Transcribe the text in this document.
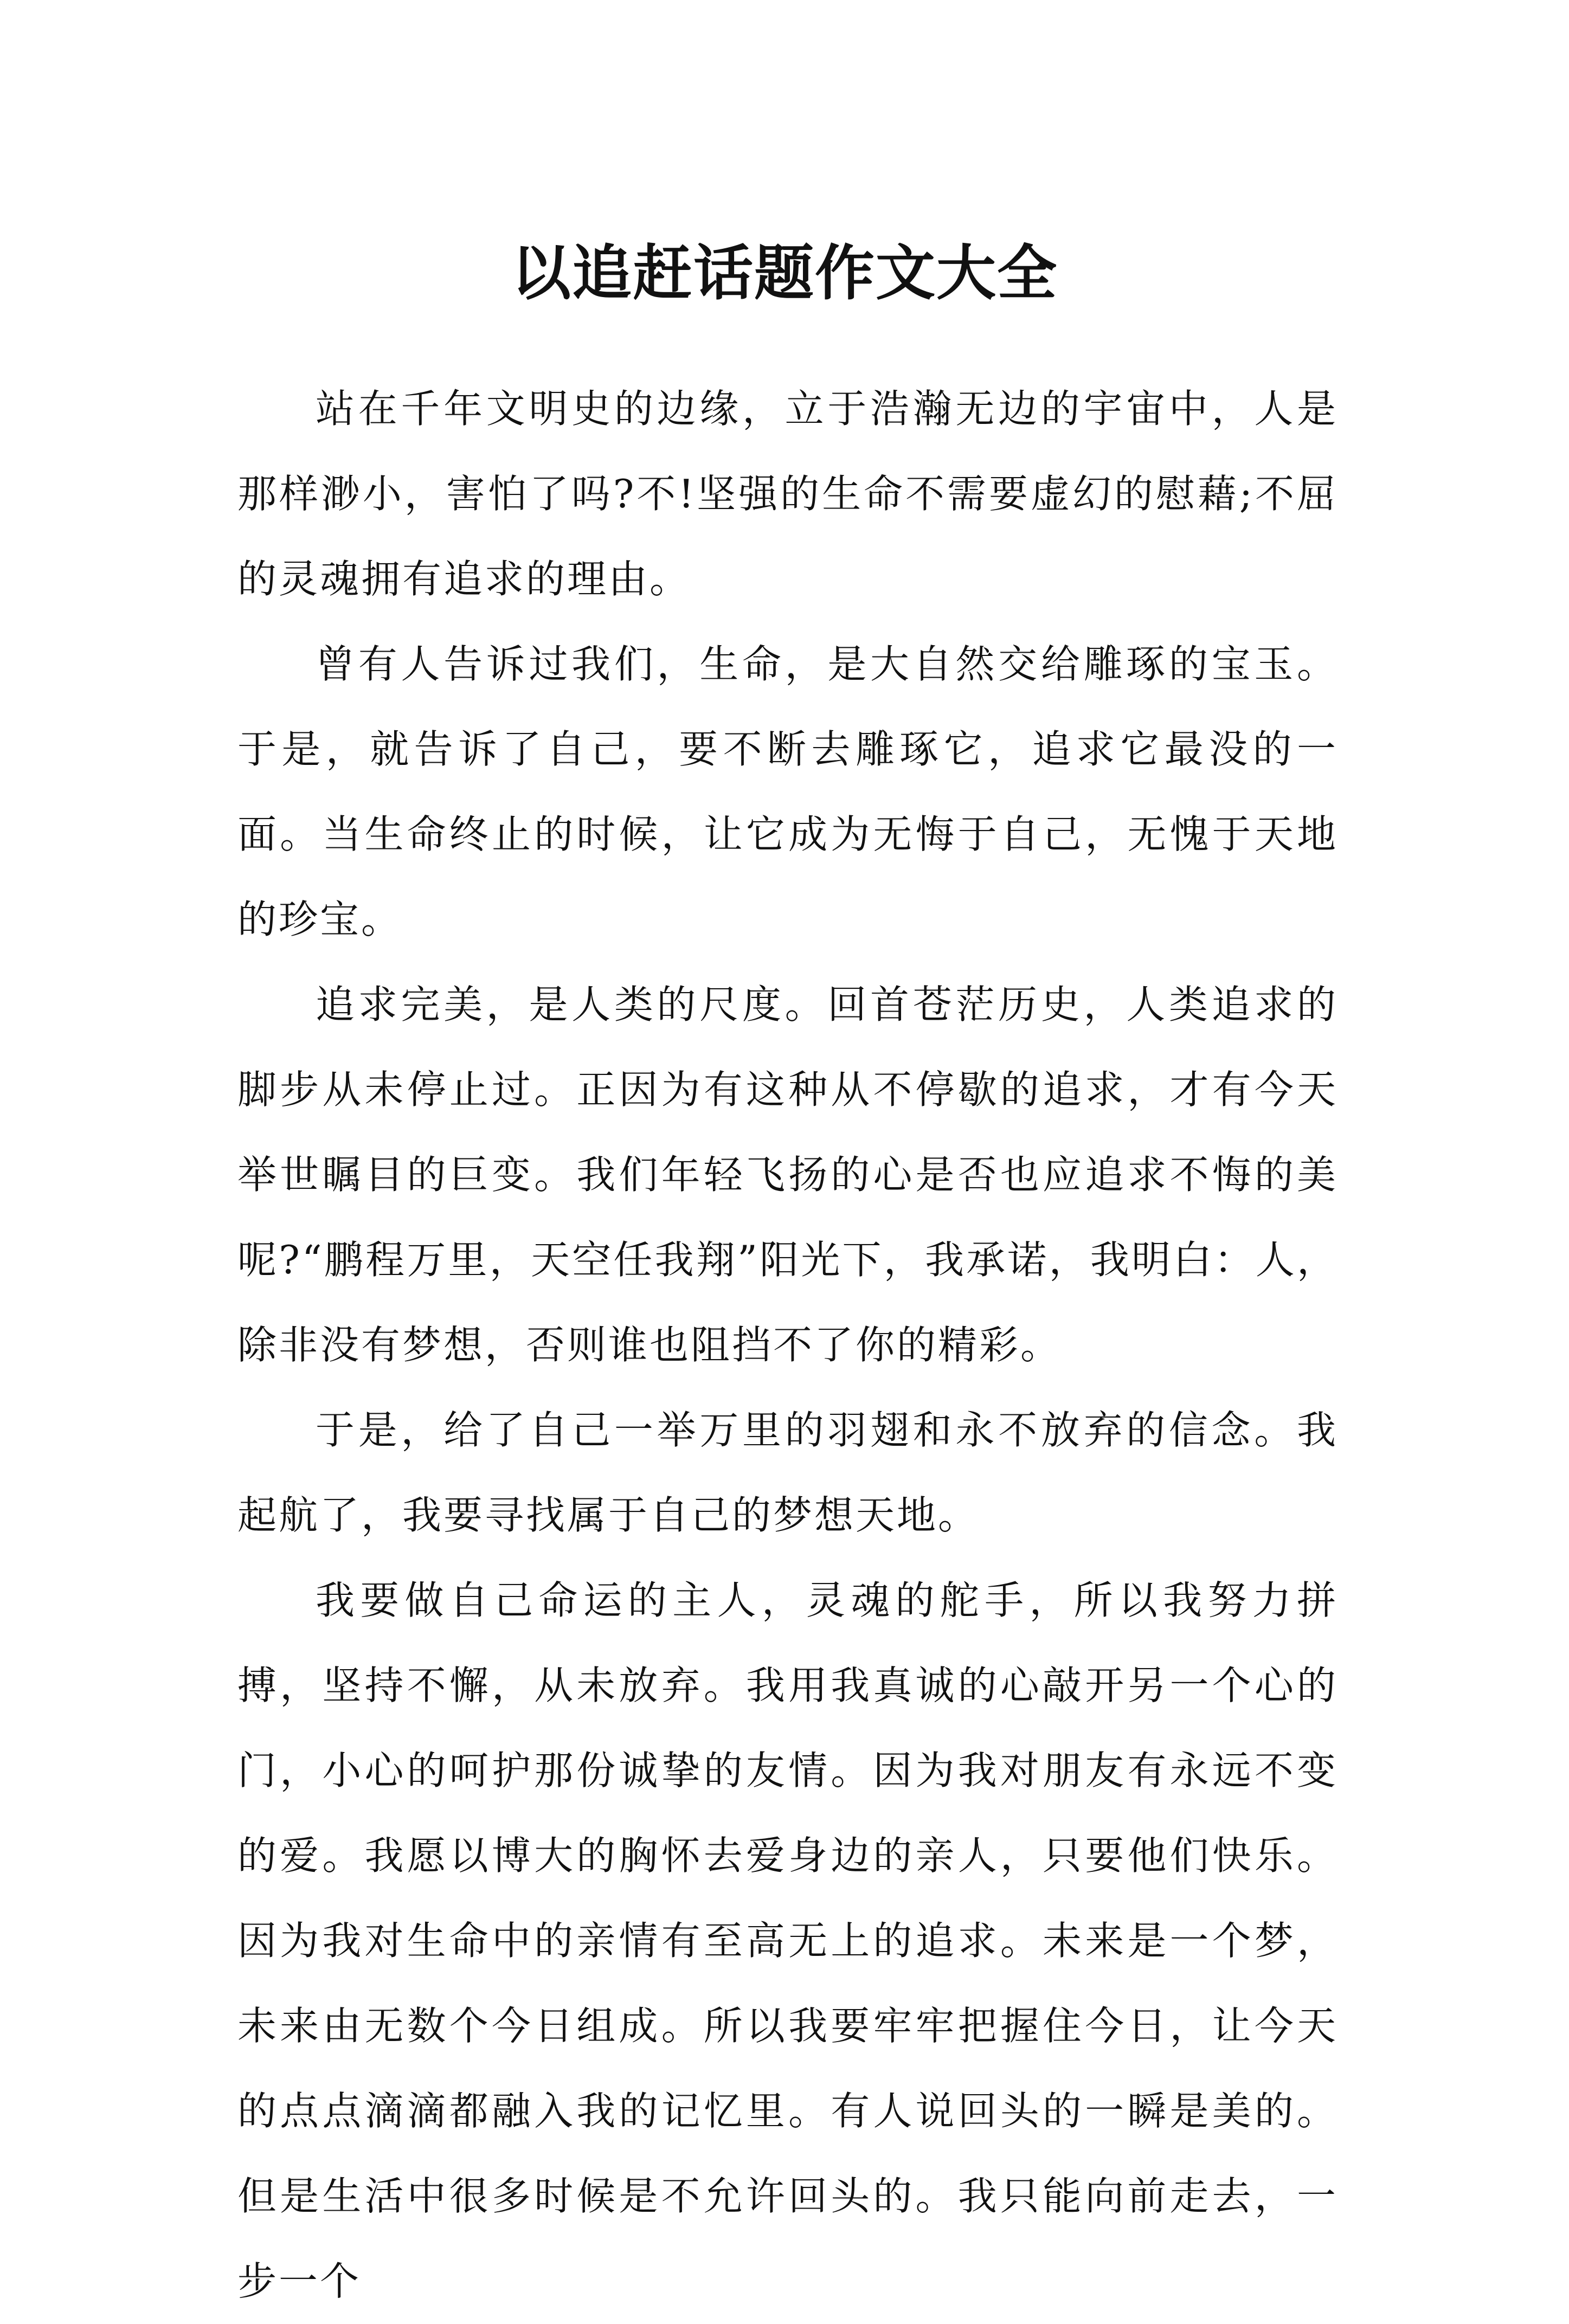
以追赶话题作文大全

站在千年文明史的边缘，立于浩瀚无边的宇宙中，人是那样渺小，害怕了吗?不!坚强的生命不需要虚幻的慰藉;不屈的灵魂拥有追求的理由。

曾有人告诉过我们，生命，是大自然交给雕琢的宝玉。于是，就告诉了自己，要不断去雕琢它，追求它最没的一面。当生命终止的时候，让它成为无悔于自己，无愧于天地的珍宝。

追求完美，是人类的尺度。回首苍茫历史，人类追求的脚步从未停止过。正因为有这种从不停歇的追求，才有今天举世瞩目的巨变。我们年轻飞扬的心是否也应追求不悔的美呢?“鹏程万里，天空任我翔”阳光下，我承诺，我明白：人，除非没有梦想，否则谁也阻挡不了你的精彩。

于是，给了自己一举万里的羽翅和永不放弃的信念。我起航了，我要寻找属于自己的梦想天地。

我要做自己命运的主人，灵魂的舵手，所以我努力拼搏，坚持不懈，从未放弃。我用我真诚的心敲开另一个心的门，小心的呵护那份诚挚的友情。因为我对朋友有永远不变的爱。我愿以博大的胸怀去爱身边的亲人，只要他们快乐。因为我对生命中的亲情有至高无上的追求。未来是一个梦，未来由无数个今日组成。所以我要牢牢把握住今日，让今天的点点滴滴都融入我的记忆里。有人说回头的一瞬是美的。但是生活中很多时候是不允许回头的。我只能向前走去，一步一个
